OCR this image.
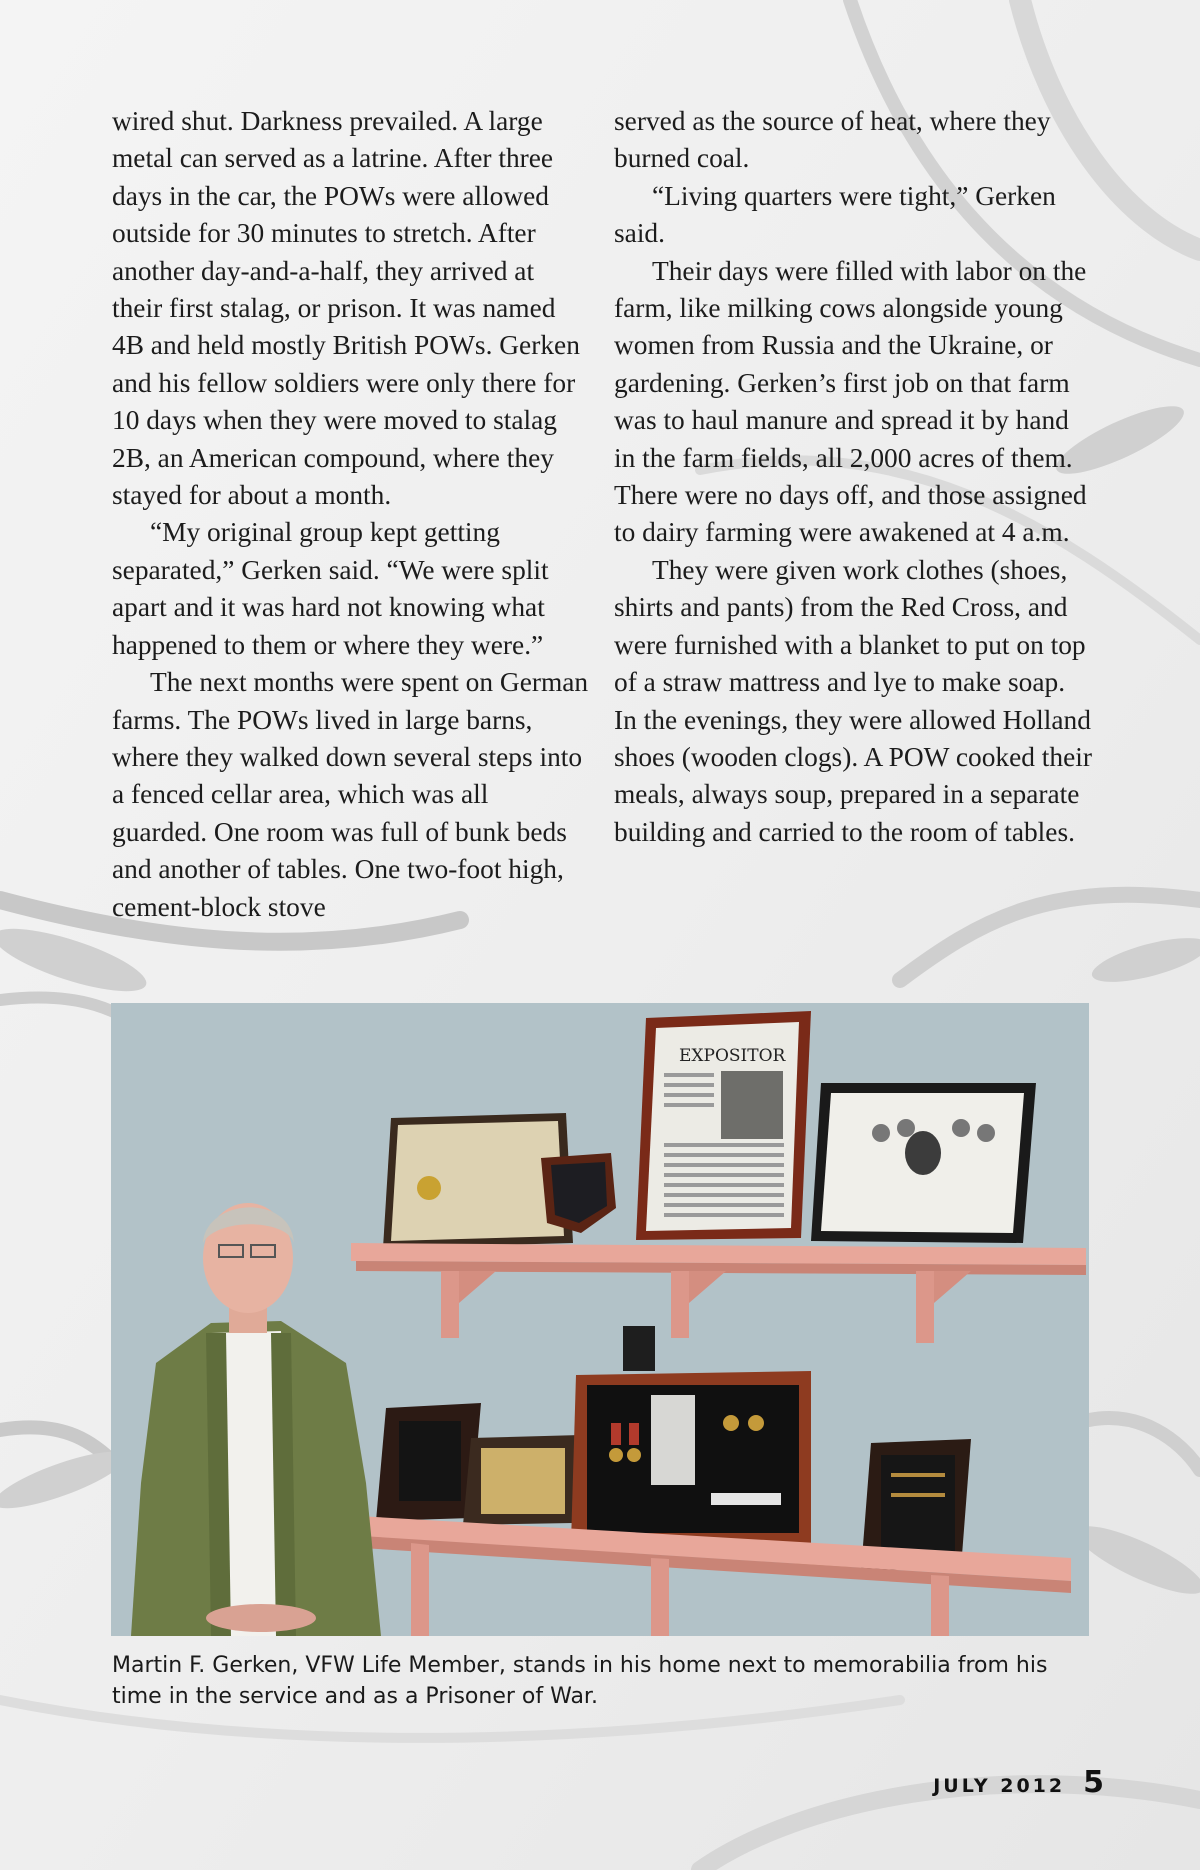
wired shut. Darkness prevailed. A large metal can served as a latrine. After three days in the car, the POWs were allowed outside for 30 minutes to stretch. After another day-and-a-half, they arrived at their first stalag, or prison. It was named 4B and held mostly British POWs. Gerken and his fellow soldiers were only there for 10 days when they were moved to stalag 2B, an American compound, where they stayed for about a month.

“My original group kept getting separated,” Gerken said. “We were split apart and it was hard not knowing what happened to them or where they were.”

The next months were spent on German farms. The POWs lived in large barns, where they walked down several steps into a fenced cellar area, which was all guarded. One room was full of bunk beds and another of tables. One two-foot high, cement-block stove

served as the source of heat, where they burned coal.

“Living quarters were tight,” Gerken said.

Their days were filled with labor on the farm, like milking cows alongside young women from Russia and the Ukraine, or gardening. Gerken’s first job on that farm was to haul manure and spread it by hand in the farm fields, all 2,000 acres of them. There were no days off, and those assigned to dairy farming were awakened at 4 a.m.

They were given work clothes (shoes, shirts and pants) from the Red Cross, and were furnished with a blanket to put on top of a straw mattress and lye to make soap. In the evenings, they were allowed Holland shoes (wooden clogs). A POW cooked their meals, always soup, prepared in a separate building and carried to the room of tables.

EXPOSITOR
Martin F. Gerken, VFW Life Member, stands in his home next to memorabilia from his time in the service and as a Prisoner of War.
JULY 2012 5
